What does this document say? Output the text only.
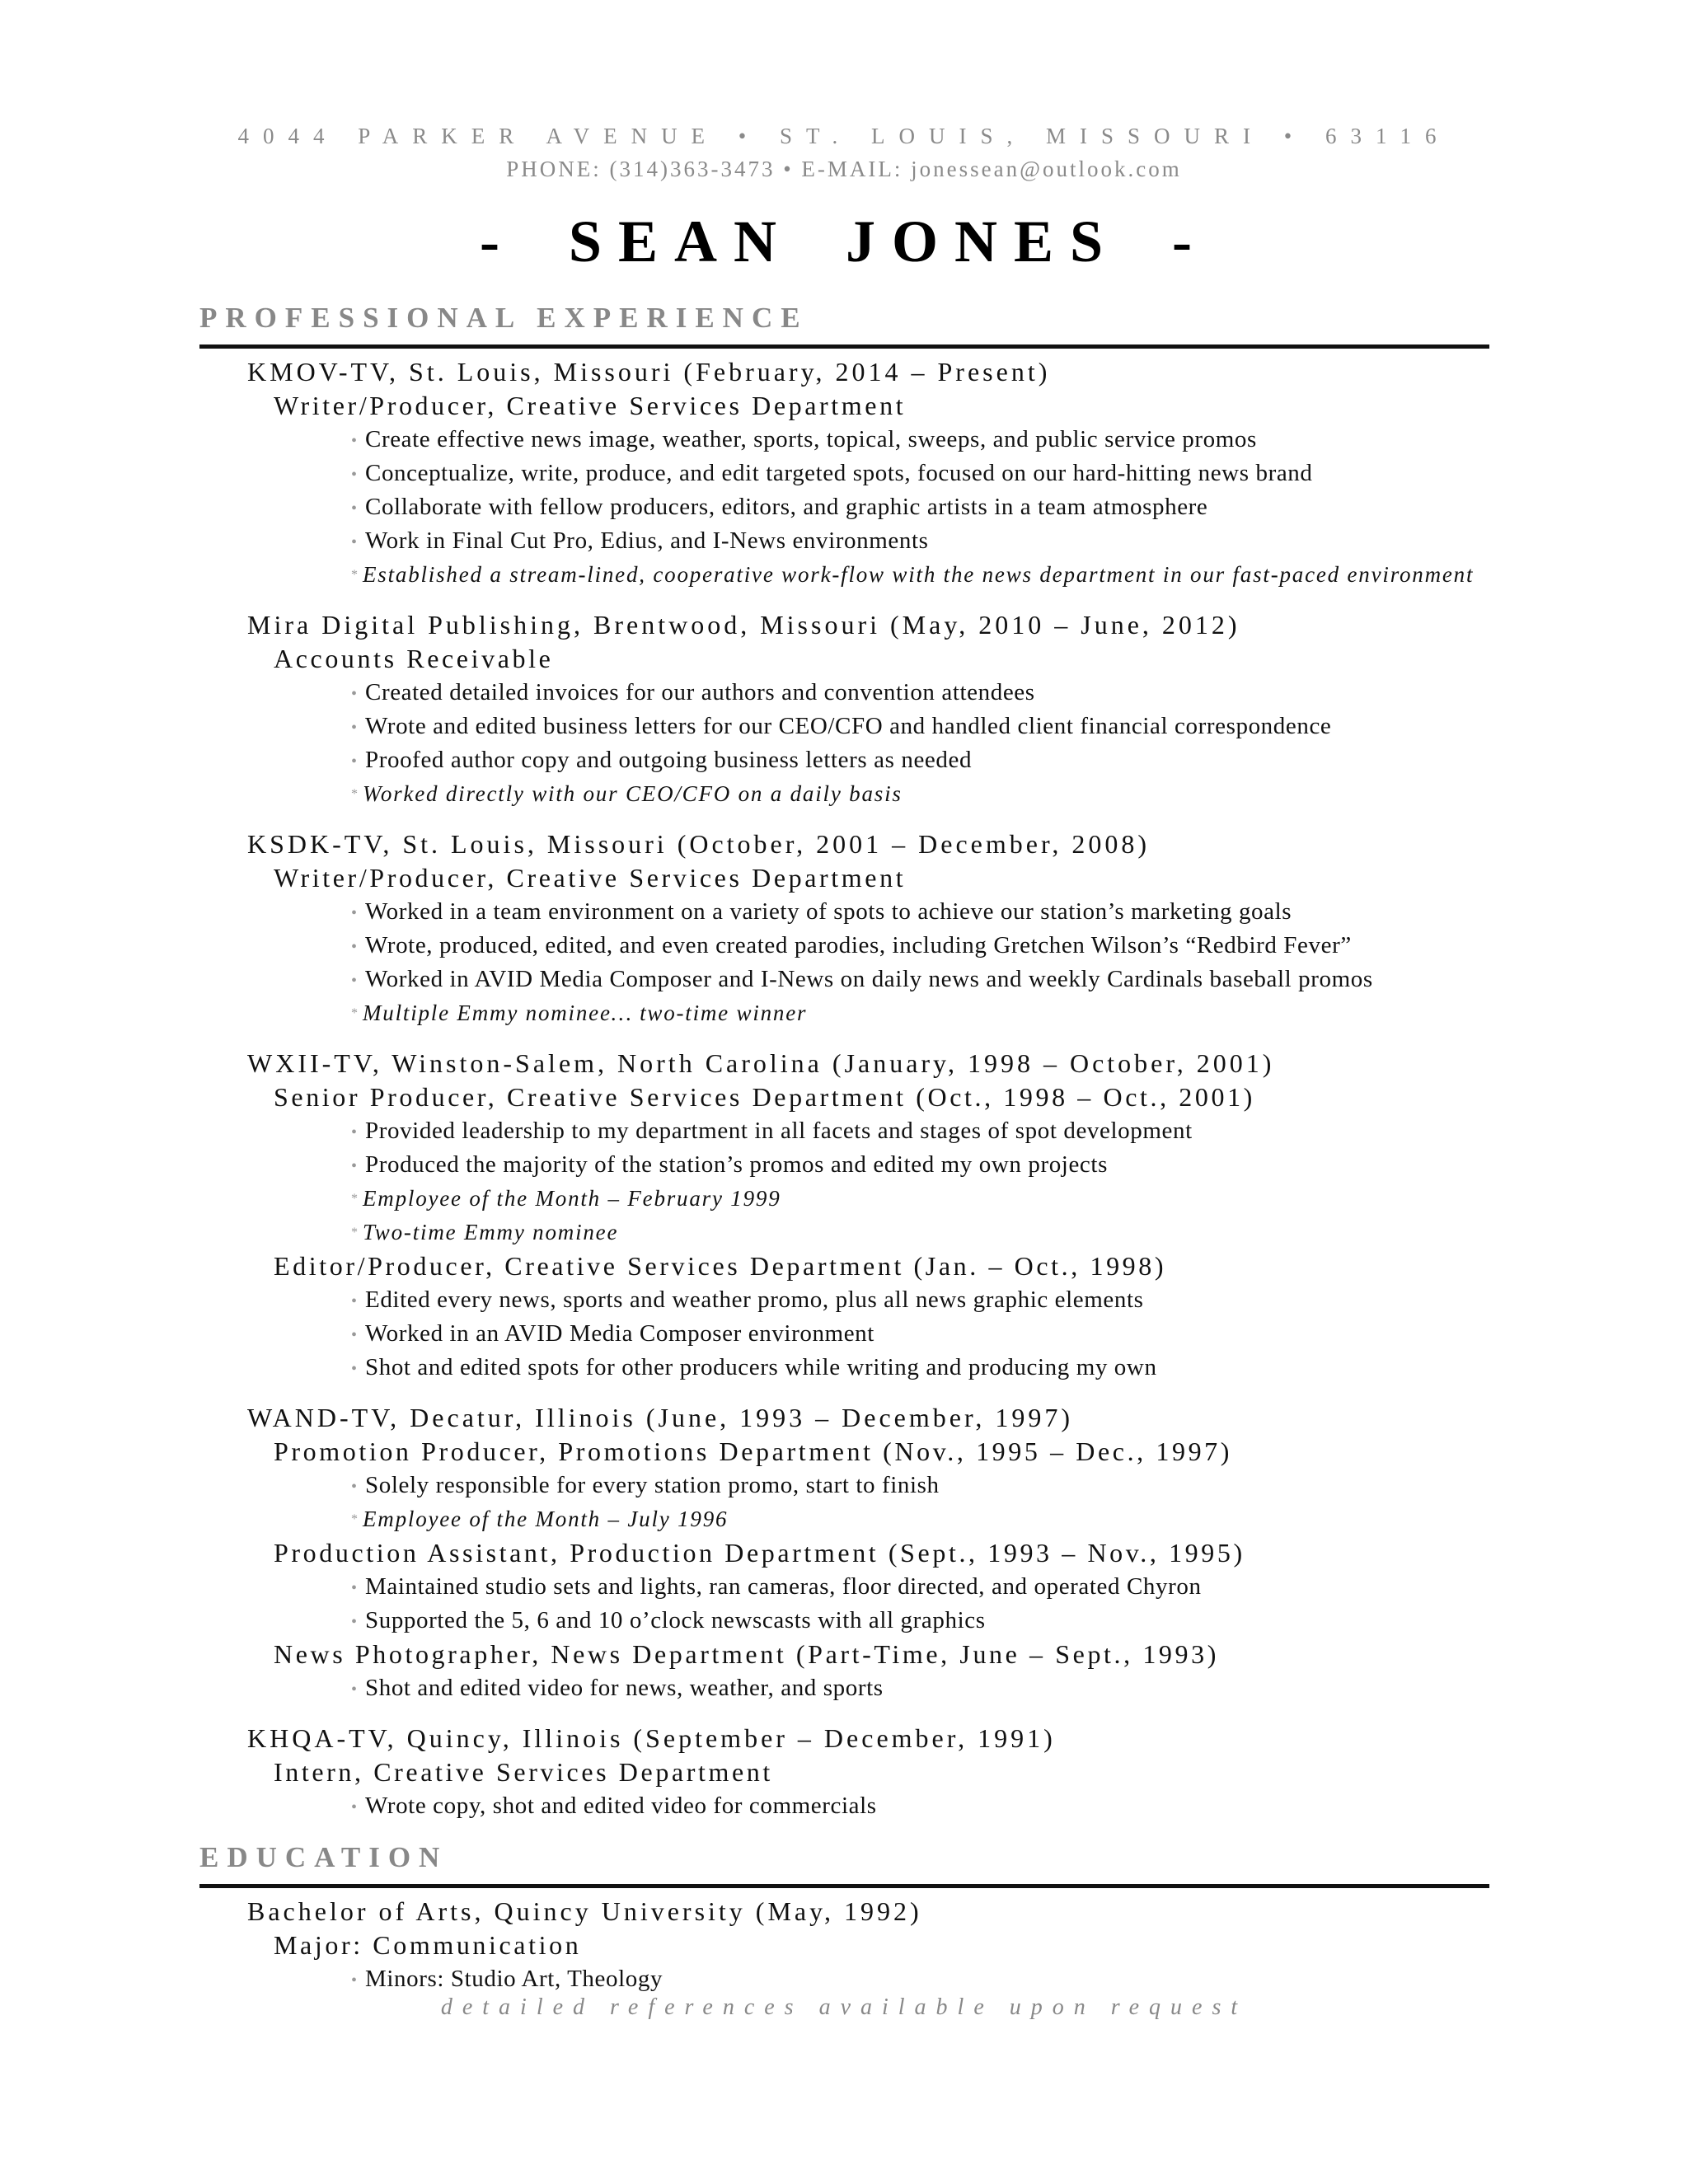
4044 PARKER AVENUE • ST. LOUIS, MISSOURI • 63116
PHONE: (314)363-3473 • E-MAIL: jonessean@outlook.com
- SEAN JONES -
PROFESSIONAL EXPERIENCE
KMOV-TV, St. Louis, Missouri (February, 2014 – Present)
Writer/Producer, Creative Services Department
• Create effective news image, weather, sports, topical, sweeps, and public service promos
• Conceptualize, write, produce, and edit targeted spots, focused on our hard-hitting news brand
• Collaborate with fellow producers, editors, and graphic artists in a team atmosphere
• Work in Final Cut Pro, Edius, and I-News environments
* Established a stream-lined, cooperative work-flow with the news department in our fast-paced environment
Mira Digital Publishing, Brentwood, Missouri (May, 2010 – June, 2012)
Accounts Receivable
• Created detailed invoices for our authors and convention attendees
• Wrote and edited business letters for our CEO/CFO and handled client financial correspondence
• Proofed author copy and outgoing business letters as needed
* Worked directly with our CEO/CFO on a daily basis
KSDK-TV, St. Louis, Missouri (October, 2001 – December, 2008)
Writer/Producer, Creative Services Department
• Worked in a team environment on a variety of spots to achieve our station’s marketing goals
• Wrote, produced, edited, and even created parodies, including Gretchen Wilson’s “Redbird Fever”
• Worked in AVID Media Composer and I-News on daily news and weekly Cardinals baseball promos
* Multiple Emmy nominee… two-time winner
WXII-TV, Winston-Salem, North Carolina (January, 1998 – October, 2001)
Senior Producer, Creative Services Department (Oct., 1998 – Oct., 2001)
• Provided leadership to my department in all facets and stages of spot development
• Produced the majority of the station’s promos and edited my own projects
* Employee of the Month – February 1999
* Two-time Emmy nominee
Editor/Producer, Creative Services Department (Jan. – Oct., 1998)
• Edited every news, sports and weather promo, plus all news graphic elements
• Worked in an AVID Media Composer environment
• Shot and edited spots for other producers while writing and producing my own
WAND-TV, Decatur, Illinois (June, 1993 – December, 1997)
Promotion Producer, Promotions Department (Nov., 1995 – Dec., 1997)
• Solely responsible for every station promo, start to finish
* Employee of the Month – July 1996
Production Assistant, Production Department (Sept., 1993 – Nov., 1995)
• Maintained studio sets and lights, ran cameras, floor directed, and operated Chyron
• Supported the 5, 6 and 10 o’clock newscasts with all graphics
News Photographer, News Department (Part-Time, June – Sept., 1993)
• Shot and edited video for news, weather, and sports
KHQA-TV, Quincy, Illinois (September – December, 1991)
Intern, Creative Services Department
• Wrote copy, shot and edited video for commercials
EDUCATION
Bachelor of Arts, Quincy University (May, 1992)
Major: Communication
• Minors: Studio Art, Theology
detailed references available upon request
